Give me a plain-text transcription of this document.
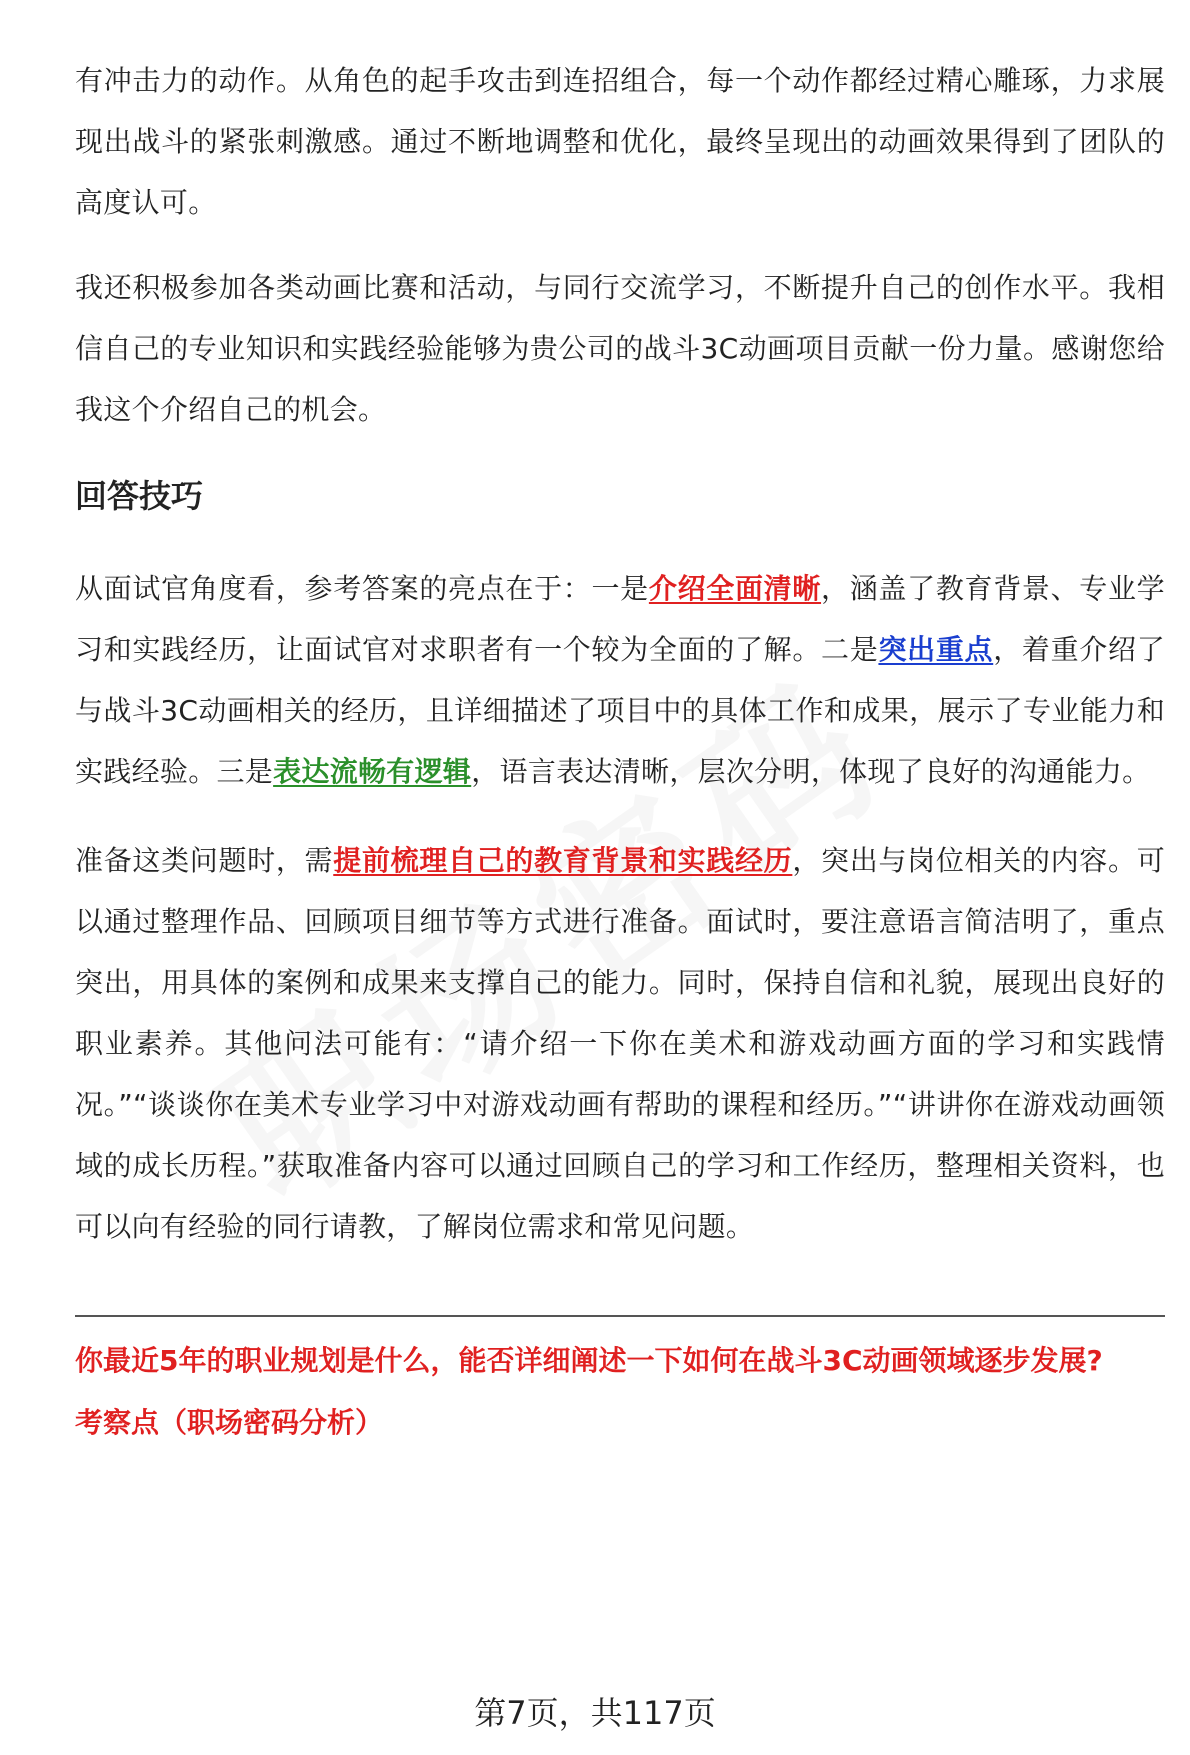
有冲击力的动作。从角色的起手攻击到连招组合，每一个动作都经过精心雕琢，力求展现出战斗的紧张刺激感。通过不断地调整和优化，最终呈现出的动画效果得到了团队的高度认可。

我还积极参加各类动画比赛和活动，与同行交流学习，不断提升自己的创作水平。我相信自己的专业知识和实践经验能够为贵公司的战斗3C动画项目贡献一份力量。感谢您给我这个介绍自己的机会。

回答技巧

从面试官角度看，参考答案的亮点在于：一是介绍全面清晰，涵盖了教育背景、专业学习和实践经历，让面试官对求职者有一个较为全面的了解。二是突出重点，着重介绍了与战斗3C动画相关的经历，且详细描述了项目中的具体工作和成果，展示了专业能力和实践经验。三是表达流畅有逻辑，语言表达清晰，层次分明，体现了良好的沟通能力。

准备这类问题时，需提前梳理自己的教育背景和实践经历，突出与岗位相关的内容。可以通过整理作品、回顾项目细节等方式进行准备。面试时，要注意语言简洁明了，重点突出，用具体的案例和成果来支撑自己的能力。同时，保持自信和礼貌，展现出良好的职业素养。其他问法可能有：“请介绍一下你在美术和游戏动画方面的学习和实践情况。”“谈谈你在美术专业学习中对游戏动画有帮助的课程和经历。”“讲讲你在游戏动画领域的成长历程。”获取准备内容可以通过回顾自己的学习和工作经历，整理相关资料，也可以向有经验的同行请教，了解岗位需求和常见问题。

你最近5年的职业规划是什么，能否详细阐述一下如何在战斗3C动画领域逐步发展?

考察点（职场密码分析）

第7页，共117页
